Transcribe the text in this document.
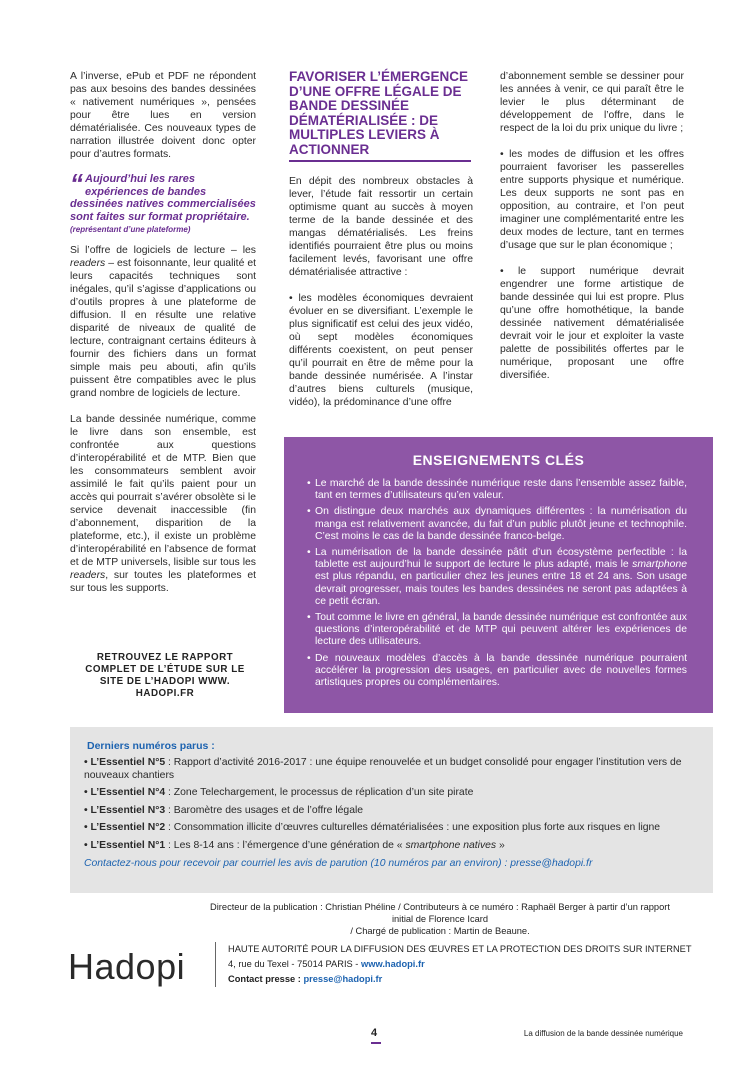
A l’inverse, ePub et PDF ne répondent pas aux besoins des bandes dessinées « nativement numériques », pensées pour être lues en version dématérialisée. Ces nouveaux types de narration illustrée doivent donc opter pour d’autres formats.

“ Aujourd’hui les rares expériences de bandes dessinées natives commercialisées sont faites sur format propriétaire.

(représentant d’une plateforme)

Si l’offre de logiciels de lecture – les readers – est foisonnante, leur qualité et leurs capacités techniques sont inégales, qu’il s’agisse d’applications ou d’outils propres à une plateforme de diffusion. Il en résulte une relative disparité de niveaux de qualité de lecture, contraignant certains éditeurs à fournir des fichiers dans un format simple mais peu abouti, afin qu’ils puissent être compatibles avec le plus grand nombre de logiciels de lecture.

La bande dessinée numérique, comme le livre dans son ensemble, est confrontée aux questions d’interopérabilité et de MTP. Bien que les consommateurs semblent avoir assimilé le fait qu’ils paient pour un accès qui pourrait s’avérer obsolète si le service devenait inaccessible (fin d’abonnement, disparition de la plateforme, etc.), il existe un problème d’interopérabilité en l’absence de format et de MTP universels, lisible sur tous les readers, sur toutes les plateformes et sur tous les supports.

RETROUVEZ LE RAPPORT COMPLET DE L’ÉTUDE SUR LE SITE DE L’HADOPI WWW. HADOPI.FR

FAVORISER L’ÉMERGENCE D’UNE OFFRE LÉGALE DE BANDE DESSINÉE DÉMATÉRIALISÉE : DE MULTIPLES LEVIERS À ACTIONNER

En dépit des nombreux obstacles à lever, l’étude fait ressortir un certain optimisme quant au succès à moyen terme de la bande dessinée et des mangas dématérialisés. Les freins identifiés pourraient être plus ou moins facilement levés, favorisant une offre dématérialisée attractive :

• les modèles économiques devraient évoluer en se diversifiant. L’exemple le plus significatif est celui des jeux vidéo, où sept modèles économiques différents coexistent, on peut penser qu’il pourrait en être de même pour la bande dessinée numérisée. A l’instar d’autres biens culturels (musique, vidéo), la prédominance d’une offre

d’abonnement semble se dessiner pour les années à venir, ce qui paraît être le levier le plus déterminant de développement de l’offre, dans le respect de la loi du prix unique du livre ;

• les modes de diffusion et les offres pourraient favoriser les passerelles entre supports physique et numérique. Les deux supports ne sont pas en opposition, au contraire, et l’on peut imaginer une complémentarité entre les deux modes de lecture, tant en termes d’usage que sur le plan économique ;

• le support numérique devrait engendrer une forme artistique de bande dessinée qui lui est propre. Plus qu’une offre homothétique, la bande dessinée nativement dématérialisée devrait voir le jour et exploiter la vaste palette de possibilités offertes par le numérique, proposant une offre diversifiée.

ENSEIGNEMENTS CLÉS
• Le marché de la bande dessinée numérique reste dans l’ensemble assez faible, tant en termes d’utilisateurs qu’en valeur.
• On distingue deux marchés aux dynamiques différentes : la numérisation du manga est relativement avancée, du fait d’un public plutôt jeune et technophile. C’est moins le cas de la bande dessinée franco-belge.
• La numérisation de la bande dessinée pâtit d’un écosystème perfectible : la tablette est aujourd’hui le support de lecture le plus adapté, mais le smartphone est plus répandu, en particulier chez les jeunes entre 18 et 24 ans. Son usage devrait progresser, mais toutes les bandes dessinées ne seront pas adaptées à ce petit écran.
• Tout comme le livre en général, la bande dessinée numérique est confrontée aux questions d’interopérabilité et de MTP qui peuvent altérer les expériences de lecture des utilisateurs.
• De nouveaux modèles d’accès à la bande dessinée numérique pourraient accélérer la progression des usages, en particulier avec de nouvelles formes artistiques propres ou complémentaires.
Derniers numéros parus :
• L’Essentiel N°5 : Rapport d’activité 2016-2017 : une équipe renouvelée et un budget consolidé pour engager l’institution vers de nouveaux chantiers
• L’Essentiel N°4 : Zone Telechargement, le processus de réplication d’un site pirate
• L’Essentiel N°3 : Baromètre des usages et de l’offre légale
• L’Essentiel N°2 : Consommation illicite d’œuvres culturelles dématérialisées : une exposition plus forte aux risques en ligne
• L’Essentiel N°1 : Les 8-14 ans : l’émergence d’une génération de « smartphone natives »
Contactez-nous pour recevoir par courriel les avis de parution (10 numéros par an environ) : presse@hadopi.fr
Directeur de la publication : Christian Phéline / Contributeurs à ce numéro : Raphaël Berger à partir d’un rapport initial de Florence Icard
/ Chargé de publication : Martin de Beaune.
Hadopi	HAUTE AUTORITÉ POUR LA DIFFUSION DES ŒUVRES ET LA PROTECTION DES DROITS SUR INTERNET
4, rue du Texel - 75014 PARIS - www.hadopi.fr
Contact presse : presse@hadopi.fr
4	La diffusion de la bande dessinée numérique
